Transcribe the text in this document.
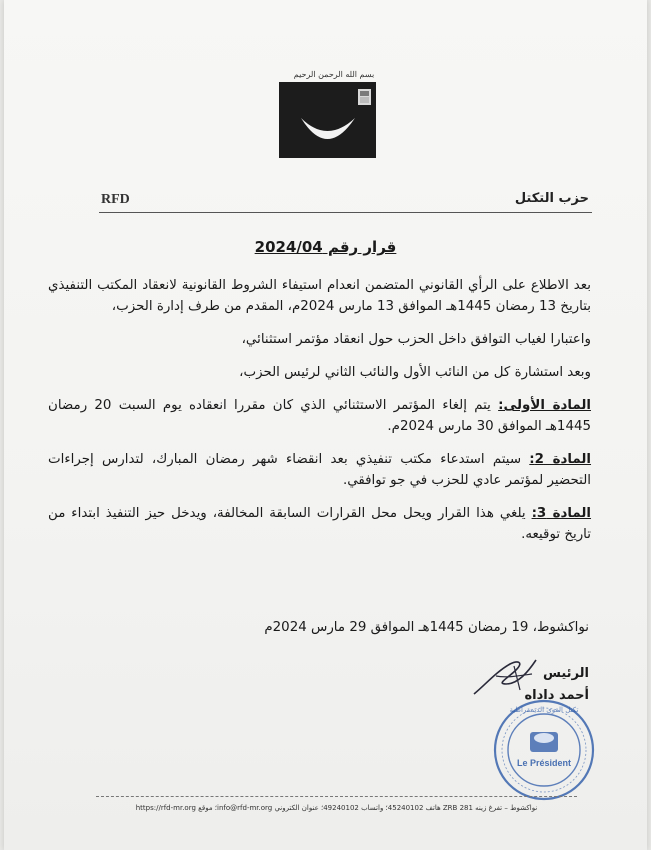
بسم الله الرحمن الرحيم
RFD	حزب التكتل
قرار رقم 2024/04

بعد الاطلاع على الرأي القانوني المتضمن انعدام استيفاء الشروط القانونية لانعقاد المكتب التنفيذي بتاريخ 13 رمضان 1445هـ الموافق 13 مارس 2024م، المقدم من طرف إدارة الحزب،

واعتبارا لغياب التوافق داخل الحزب حول انعقاد مؤتمر استثنائي،

وبعد استشارة كل من النائب الأول والنائب الثاني لرئيس الحزب،

المادة الأولى: يتم إلغاء المؤتمر الاستثنائي الذي كان مقررا انعقاده يوم السبت 20 رمضان 1445هـ الموافق 30 مارس 2024م.

المادة 2: سيتم استدعاء مكتب تنفيذي بعد انقضاء شهر رمضان المبارك، لتدارس إجراءات التحضير لمؤتمر عادي للحزب في جو توافقي.

المادة 3: يلغي هذا القرار ويحل محل القرارات السابقة المخالفة، ويدخل حيز التنفيذ ابتداء من تاريخ توقيعه.

نواكشوط، 19 رمضان 1445هـ الموافق 29 مارس 2024م
الرئيس
أحمد داداه
Le Président
تكتل القوى الديمقراطية
نواكشوط – تفرغ زينه ZRB 281 هاتف 45240102؛ واتساب 49240102؛ عنوان الكتروني info@rfd-mr.org؛ موقع https://rfd-mr.org
